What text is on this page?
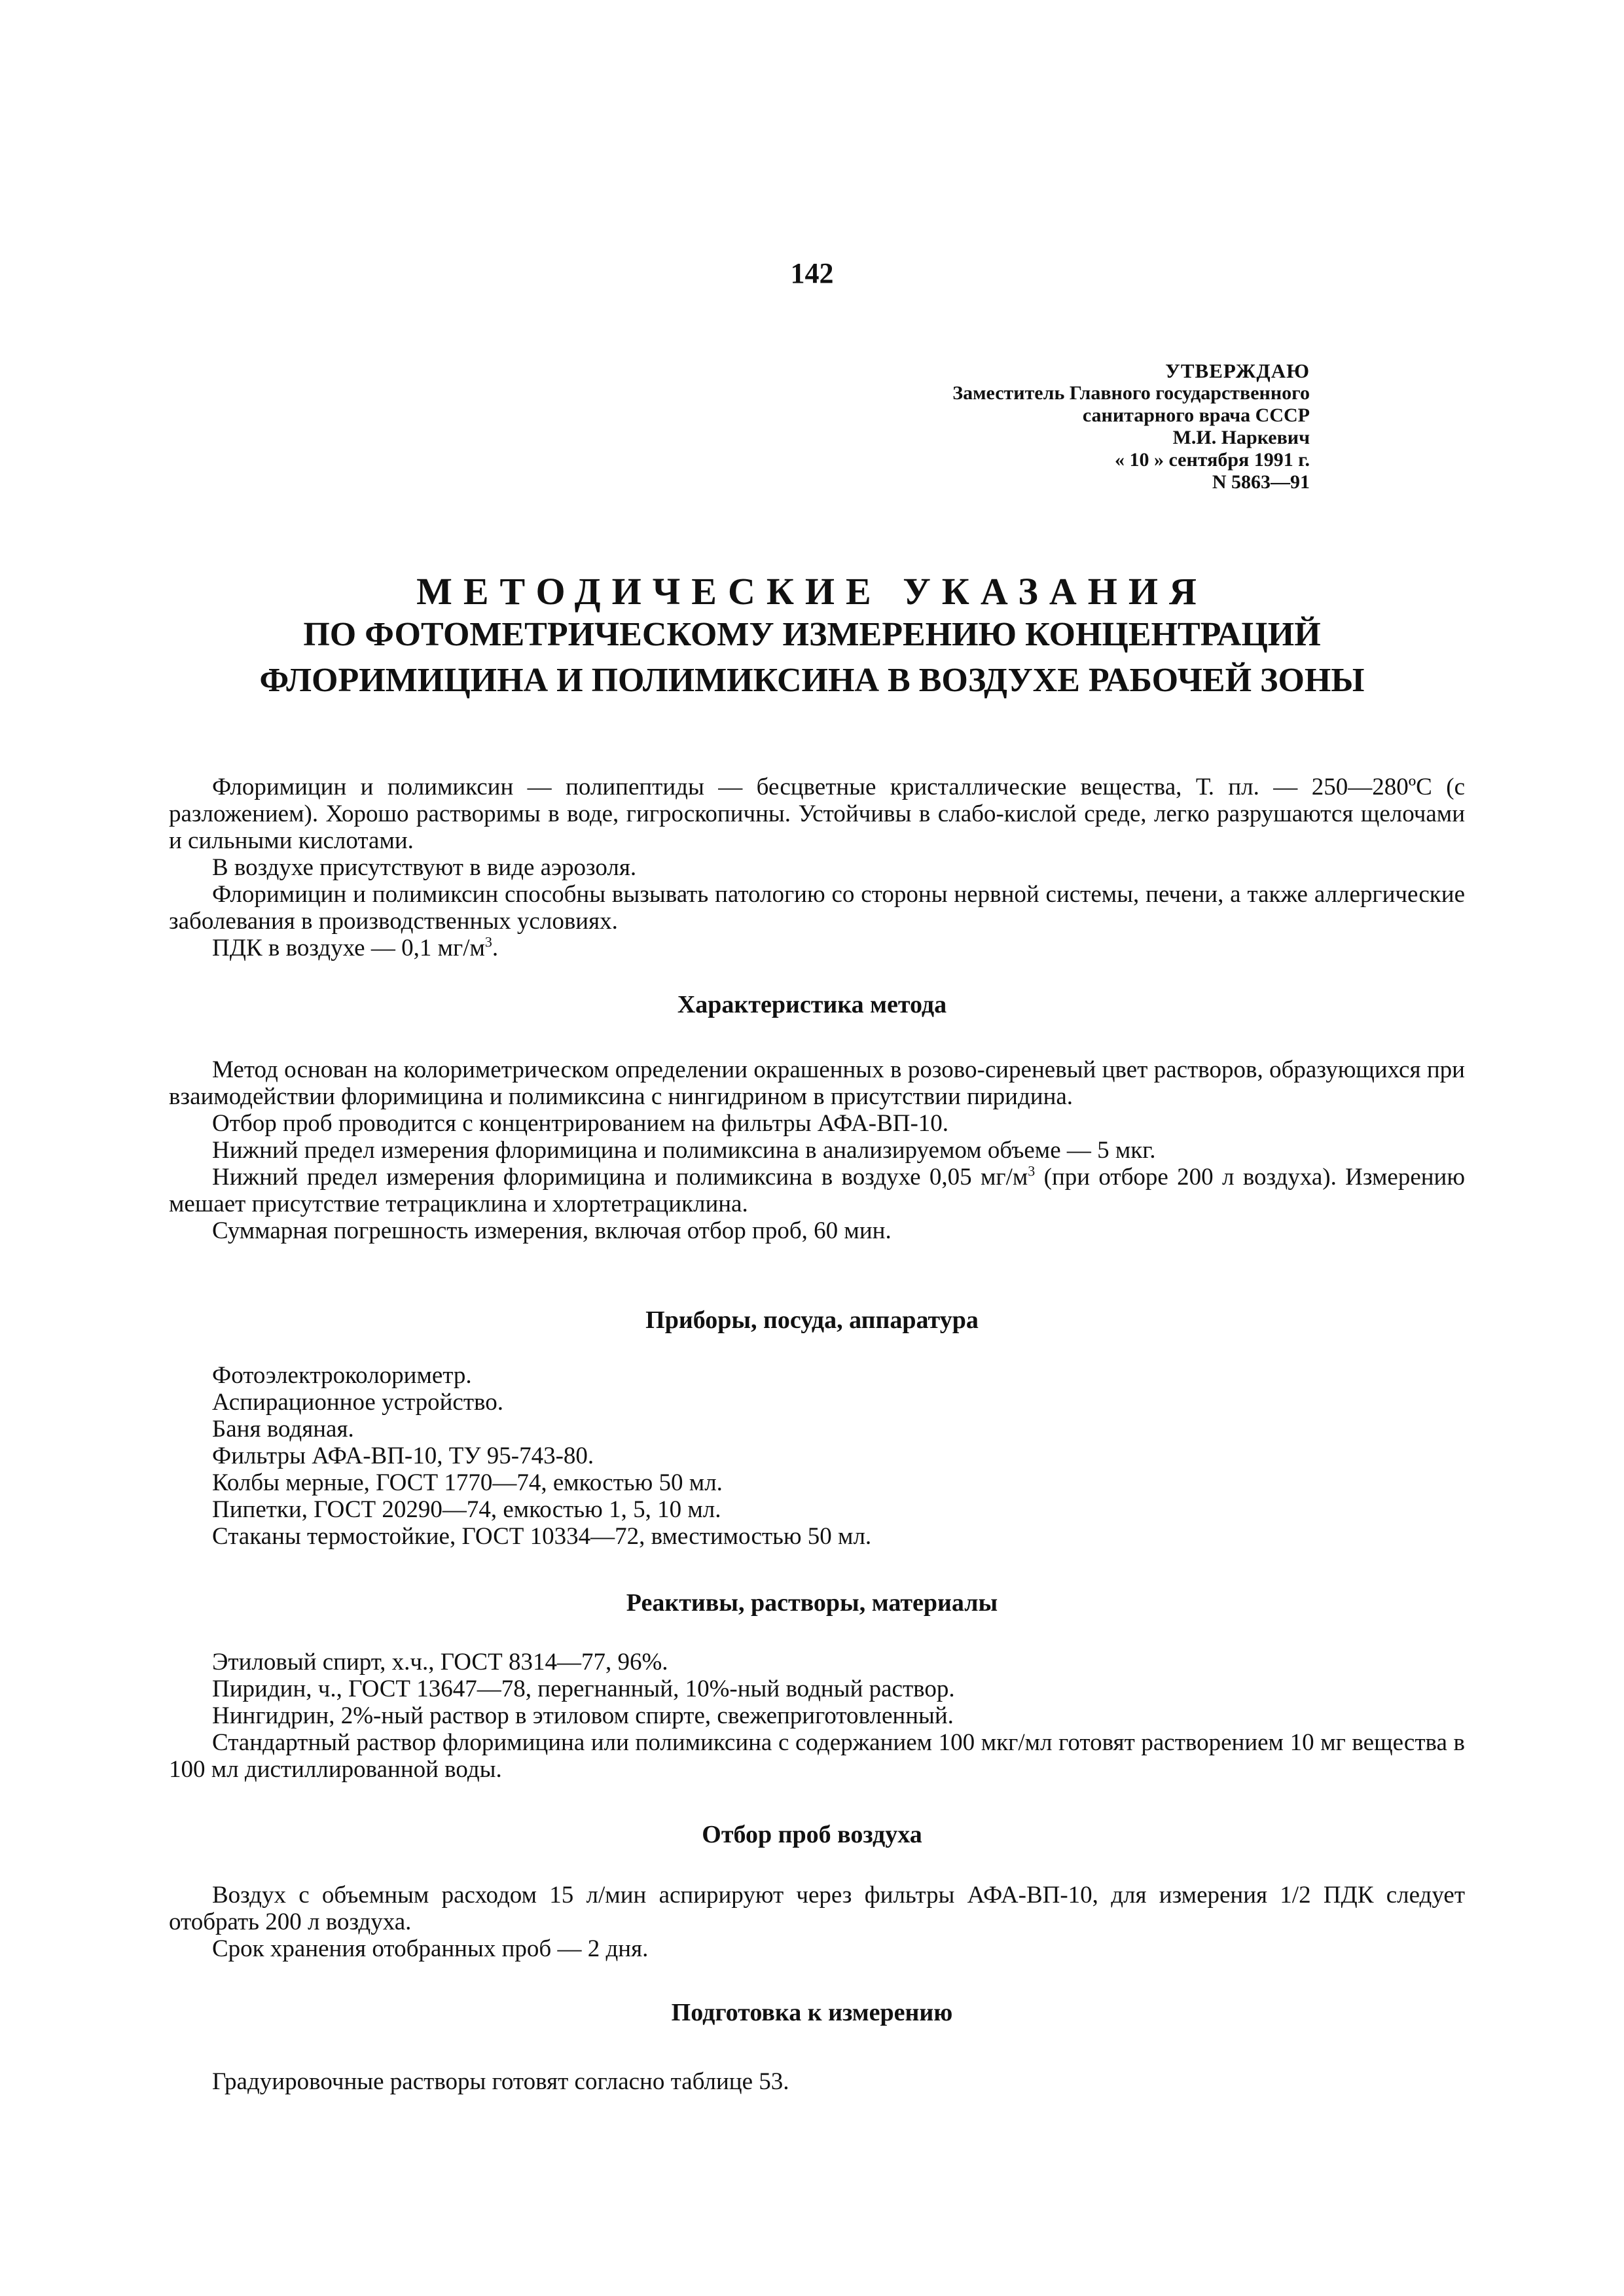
142
УТВЕРЖДАЮ
Заместитель Главного государственного
санитарного врача СССР
М.И. Наркевич
« 10 » сентября 1991 г.
N 5863—91
МЕТОДИЧЕСКИЕ УКАЗАНИЯ
ПО ФОТОМЕТРИЧЕСКОМУ ИЗМЕРЕНИЮ КОНЦЕНТРАЦИЙ
ФЛОРИМИЦИНА И ПОЛИМИКСИНА В ВОЗДУХЕ РАБОЧЕЙ ЗОНЫ

Флоримицин и полимиксин — полипептиды — бесцветные кристаллические вещества, Т. пл. — 250—280ºС (с разложением). Хорошо растворимы в воде, гигроскопичны. Устойчивы в слабо-кислой среде, легко разрушаются щелочами и сильными кислотами.

В воздухе присутствуют в виде аэрозоля.

Флоримицин и полимиксин способны вызывать патологию со стороны нервной системы, печени, а также аллергические заболевания в производственных условиях.

ПДК в воздухе — 0,1 $мг/м^3$.

Характеристика метода

Метод основан на колориметрическом определении окрашенных в розово-сиреневый цвет растворов, образующихся при взаимодействии флоримицина и полимиксина с нингидрином в присутствии пиридина.

Отбор проб проводится с концентрированием на фильтры АФА-ВП-10.

Нижний предел измерения флоримицина и полимиксина в анализируемом объеме — 5 мкг.

Нижний предел измерения флоримицина и полимиксина в воздухе 0,05 $мг/м^3$ (при отборе 200 л воздуха). Измерению мешает присутствие тетрациклина и хлортетрациклина.

Суммарная погрешность измерения, включая отбор проб, 60 мин.

Приборы, посуда, аппаратура

Фотоэлектроколориметр.

Аспирационное устройство.

Баня водяная.

Фильтры АФА-ВП-10, ТУ 95-743-80.

Колбы мерные, ГОСТ 1770—74, емкостью 50 мл.

Пипетки, ГОСТ 20290—74, емкостью 1, 5, 10 мл.

Стаканы термостойкие, ГОСТ 10334—72, вместимостью 50 мл.

Реактивы, растворы, материалы

Этиловый спирт, х.ч., ГОСТ 8314—77, 96%.

Пиридин, ч., ГОСТ 13647—78, перегнанный, 10%-ный водный раствор.

Нингидрин, 2%-ный раствор в этиловом спирте, свежеприготовленный.

Стандартный раствор флоримицина или полимиксина с содержанием 100 мкг/мл готовят растворением 10 мг вещества в 100 мл дистиллированной воды.

Отбор проб воздуха

Воздух с объемным расходом 15 л/мин аспирируют через фильтры АФА-ВП-10, для измерения 1/2 ПДК следует отобрать 200 л воздуха.

Срок хранения отобранных проб — 2 дня.

Подготовка к измерению

Градуировочные растворы готовят согласно таблице 53.
